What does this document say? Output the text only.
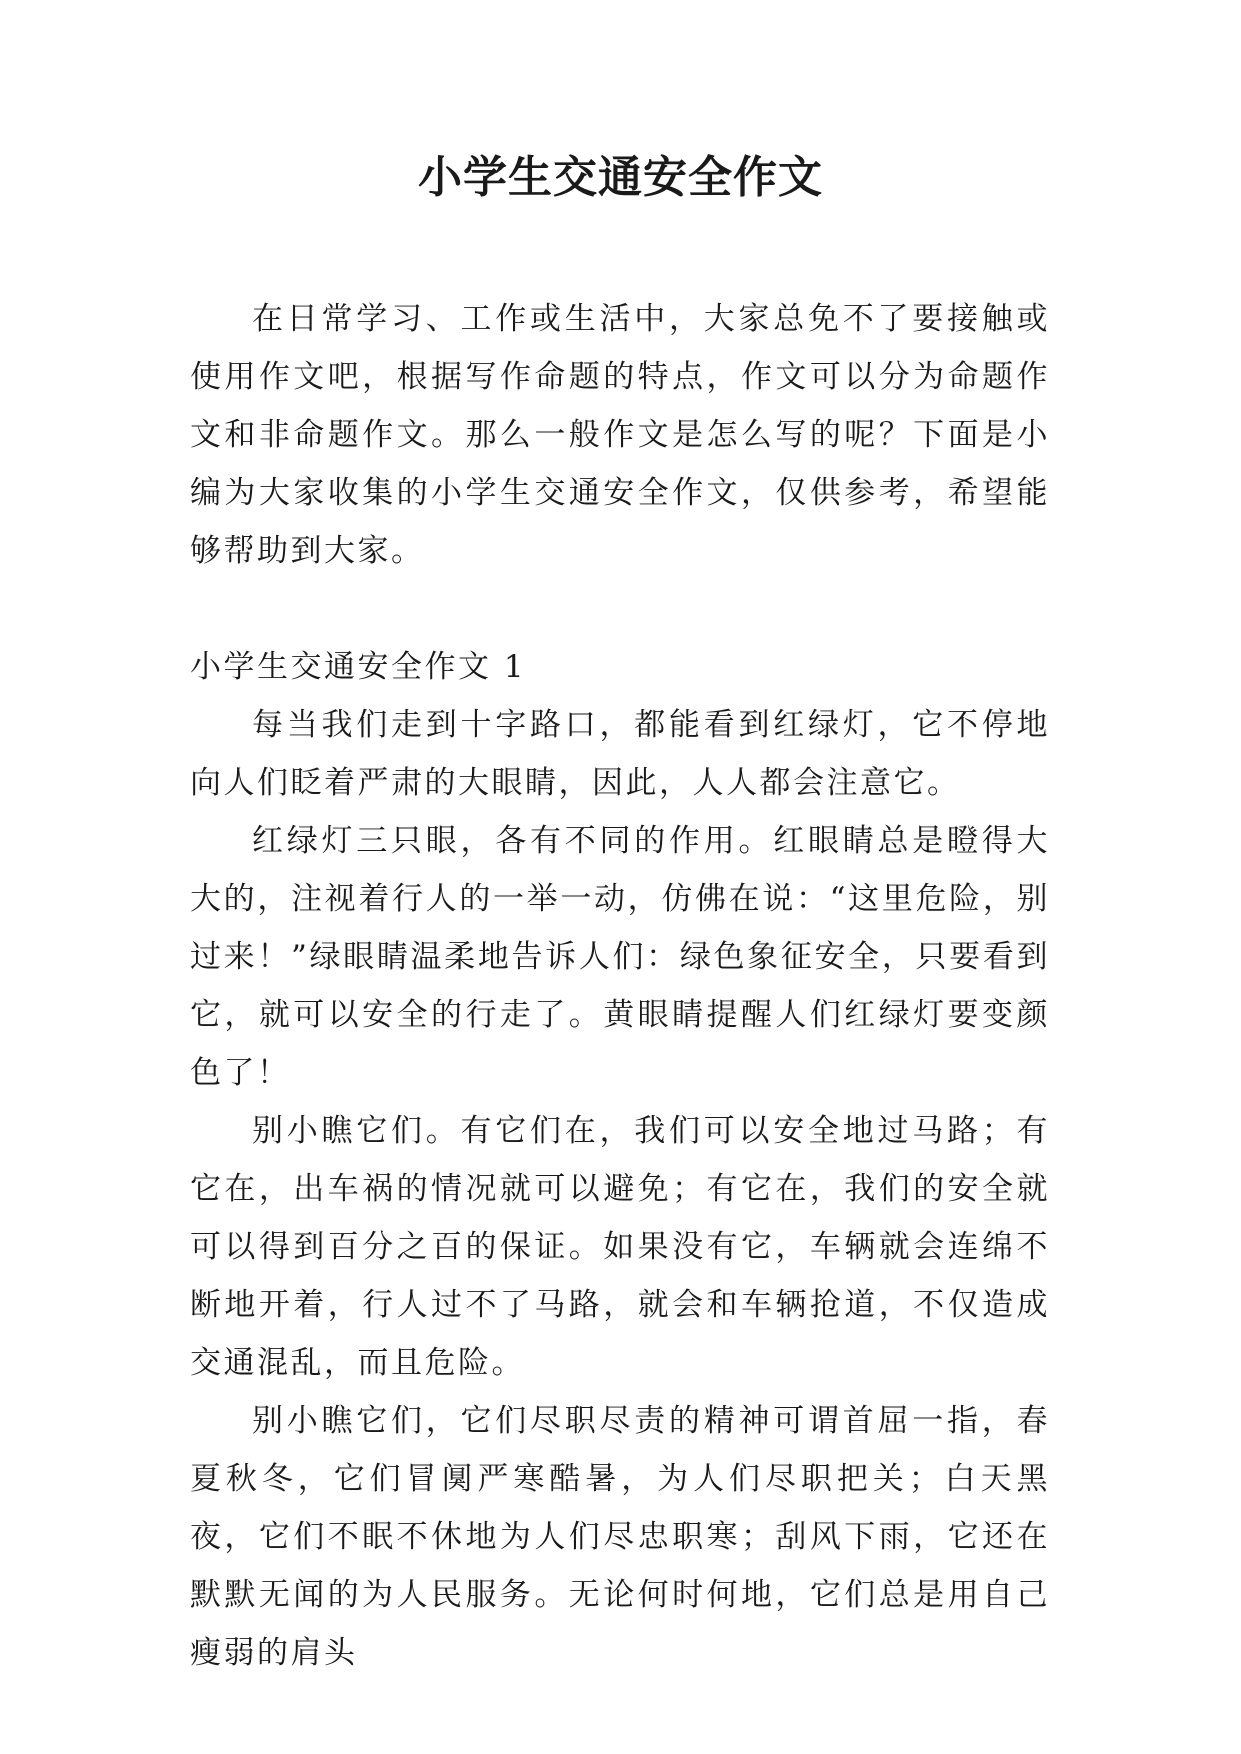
小学生交通安全作文

在日常学习、工作或生活中，大家总免不了要接触或使用作文吧，根据写作命题的特点，作文可以分为命题作文和非命题作文。那么一般作文是怎么写的呢？下面是小编为大家收集的小学生交通安全作文，仅供参考，希望能够帮助到大家。

小学生交通安全作文 1

每当我们走到十字路口，都能看到红绿灯，它不停地向人们眨着严肃的大眼睛，因此，人人都会注意它。

红绿灯三只眼，各有不同的作用。红眼睛总是瞪得大大的，注视着行人的一举一动，仿佛在说：“这里危险，别过来！”绿眼睛温柔地告诉人们：绿色象征安全，只要看到它，就可以安全的行走了。黄眼睛提醒人们红绿灯要变颜色了！

别小瞧它们。有它们在，我们可以安全地过马路；有它在，出车祸的情况就可以避免；有它在，我们的安全就可以得到百分之百的保证。如果没有它，车辆就会连绵不断地开着，行人过不了马路，就会和车辆抢道，不仅造成交通混乱，而且危险。

别小瞧它们，它们尽职尽责的精神可谓首屈一指，春夏秋冬，它们冒阒严寒酷暑，为人们尽职把关；白天黑夜，它们不眠不休地为人们尽忠职寒；刮风下雨，它还在默默无闻的为人民服务。无论何时何地，它们总是用自己瘦弱的肩头
